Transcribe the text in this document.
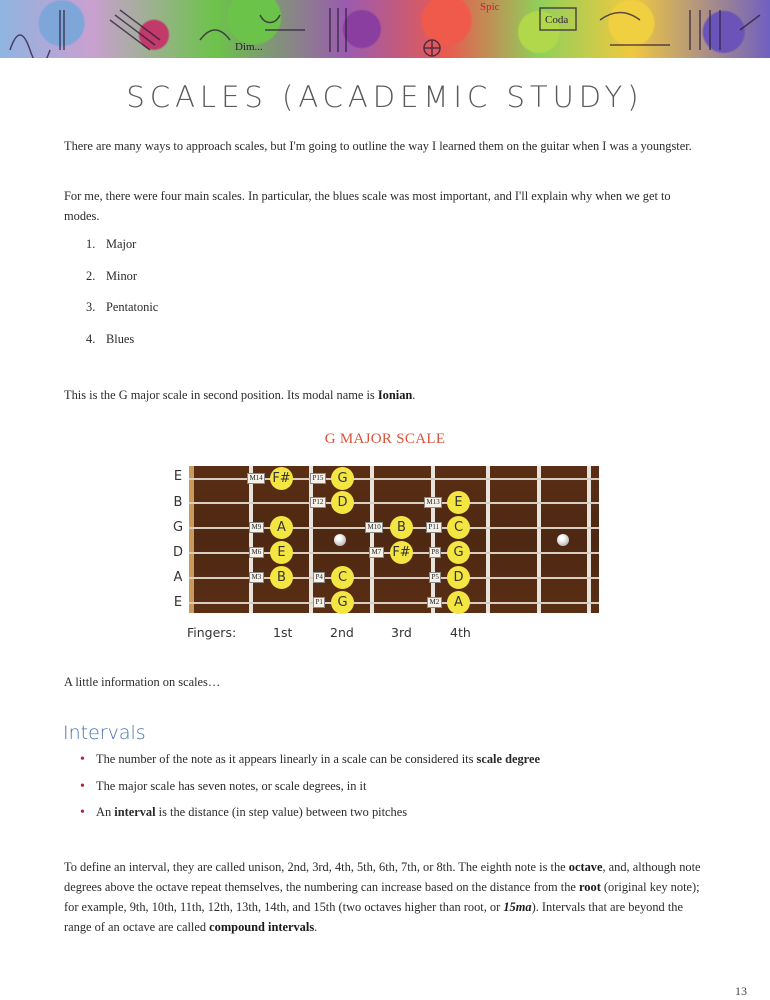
Coda
Spic
Dim...
SCALES (ACADEMIC STUDY)

There are many ways to approach scales, but I'm going to outline the way I learned them on the guitar when I was a youngster.

For me, there were four main scales. In particular, the blues scale was most important, and I'll explain why when we get to modes.

1. Major
2. Minor
3. Pentatonic
4. Blues

This is the G major scale in second position. Its modal name is Ionian.

G MAJOR SCALE
E
B
G
D
A
E
M14 F#	P15	G
P12	D	M13	E
M9	A	M10	B	P11	C
M6	E	M7 F#	P8	G
M3	B	P4	C	P5	D
P1	G	M2	A
Fingers:	1st	2nd	3rd	4th

A little information on scales…

Intervals
• The number of the note as it appears linearly in a scale can be considered its scale degree
• The major scale has seven notes, or scale degrees, in it
• An interval is the distance (in step value) between two pitches

To define an interval, they are called unison, 2nd, 3rd, 4th, 5th, 6th, 7th, or 8th. The eighth note is the octave, and, although note degrees above the octave repeat themselves, the numbering can increase based on the distance from the root (original key note); for example, 9th, 10th, 11th, 12th, 13th, 14th, and 15th (two octaves higher than root, or 15ma). Intervals that are beyond the range of an octave are called compound intervals.

13
